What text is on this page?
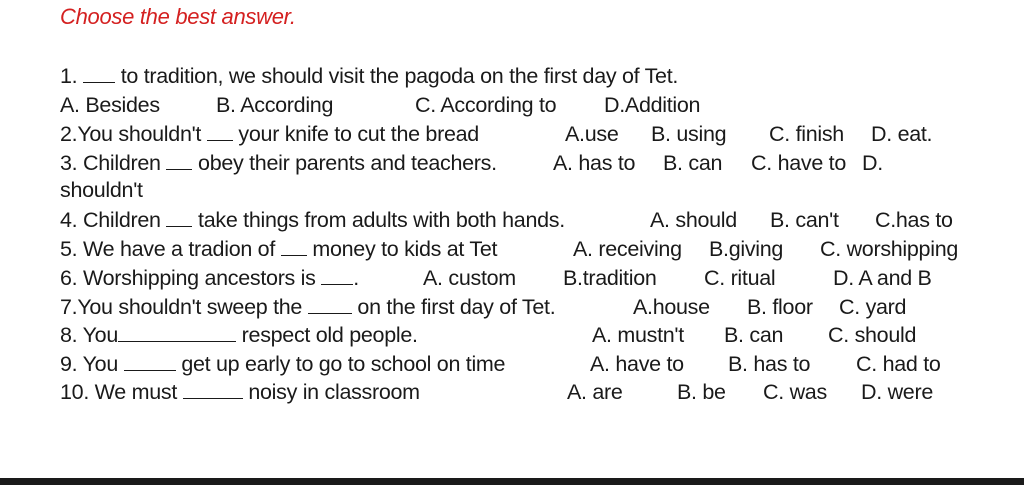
Choose the best answer.
1.  to tradition, we should visit the pagoda on the first day of Tet.
A. Besides	B. According	C. According to D.Addition
2.You shouldn't  your knife to cut the bread	A.use B. using C. finish D. eat.
3. Children  obey their parents and teachers.	A. has to B. can C. have to D.
shouldn't
4. Children  take things from adults with both hands.	A. should B. can't C.has to
5. We have a tradion of  money to kids at Tet	A. receiving B.giving C. worshipping
6. Worshipping ancestors is .	A. custom B.tradition C. ritual	D. A and B
7.You shouldn't sweep the  on the first day of Tet.	A.house B. floor C. yard
8. You	respect old people.	A. mustn't B. can C. should
9. You  get up early to go to school on time	A. have to B. has to C. had to
10. We must	noisy in classroom	A. are	B. be C. was D. were
